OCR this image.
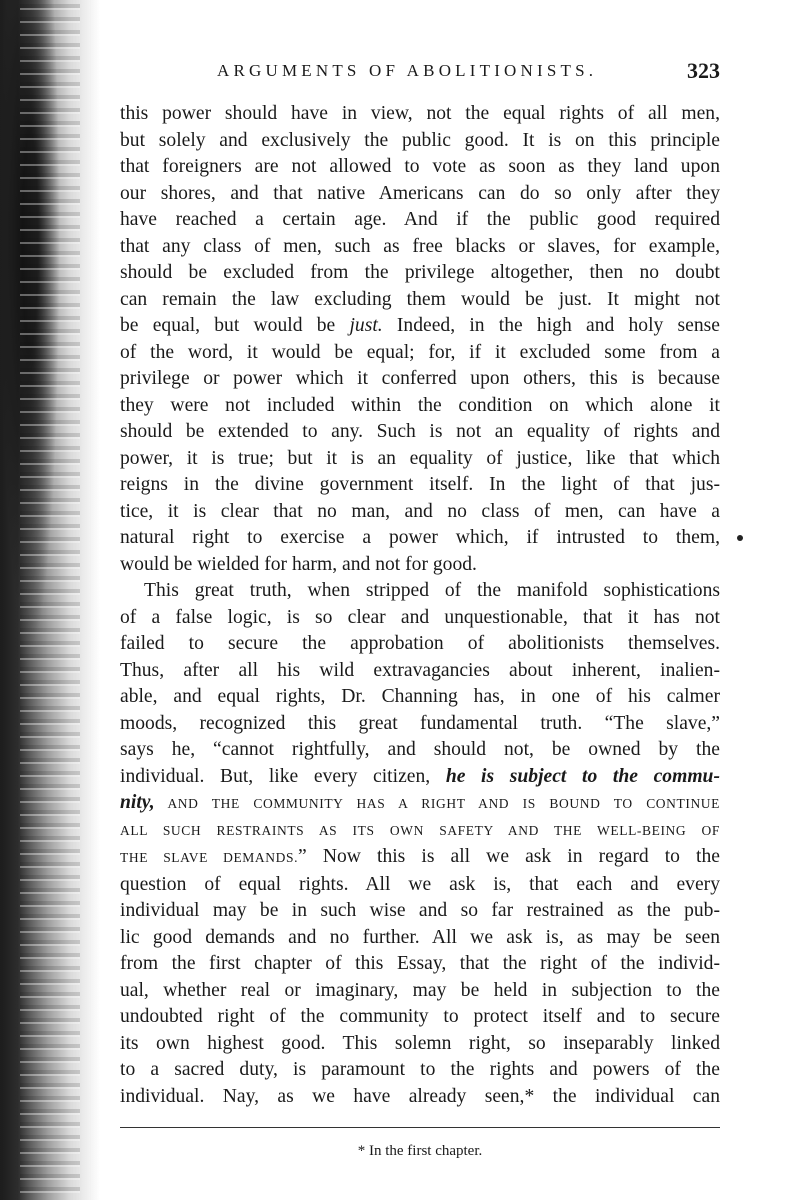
ARGUMENTS OF ABOLITIONISTS.	323
this power should have in view, not the equal rights of all men,
but solely and exclusively the public good. It is on this principle
that foreigners are not allowed to vote as soon as they land upon
our shores, and that native Americans can do so only after they
have reached a certain age. And if the public good required
that any class of men, such as free blacks or slaves, for example,
should be excluded from the privilege altogether, then no doubt
can remain the law excluding them would be just. It might not
be equal, but would be just. Indeed, in the high and holy sense
of the word, it would be equal; for, if it excluded some from a
privilege or power which it conferred upon others, this is because
they were not included within the condition on which alone it
should be extended to any. Such is not an equality of rights and
power, it is true; but it is an equality of justice, like that which
reigns in the divine government itself. In the light of that jus-
tice, it is clear that no man, and no class of men, can have a
natural right to exercise a power which, if intrusted to them,
would be wielded for harm, and not for good.
This great truth, when stripped of the manifold sophistications
of a false logic, is so clear and unquestionable, that it has not
failed to secure the approbation of abolitionists themselves.
Thus, after all his wild extravagancies about inherent, inalien-
able, and equal rights, Dr. Channing has, in one of his calmer
moods, recognized this great fundamental truth. “The slave,”
says he, “cannot rightfully, and should not, be owned by the
individual. But, like every citizen, he is subject to the commu-
nity, AND THE COMMUNITY HAS A RIGHT AND IS BOUND TO CONTINUE
ALL SUCH RESTRAINTS AS ITS OWN SAFETY AND THE WELL-BEING OF
THE SLAVE DEMANDS.” Now this is all we ask in regard to the
question of equal rights. All we ask is, that each and every
individual may be in such wise and so far restrained as the pub-
lic good demands and no further. All we ask is, as may be seen
from the first chapter of this Essay, that the right of the individ-
ual, whether real or imaginary, may be held in subjection to the
undoubted right of the community to protect itself and to secure
its own highest good. This solemn right, so inseparably linked
to a sacred duty, is paramount to the rights and powers of the
individual. Nay, as we have already seen,* the individual can
* In the first chapter.
